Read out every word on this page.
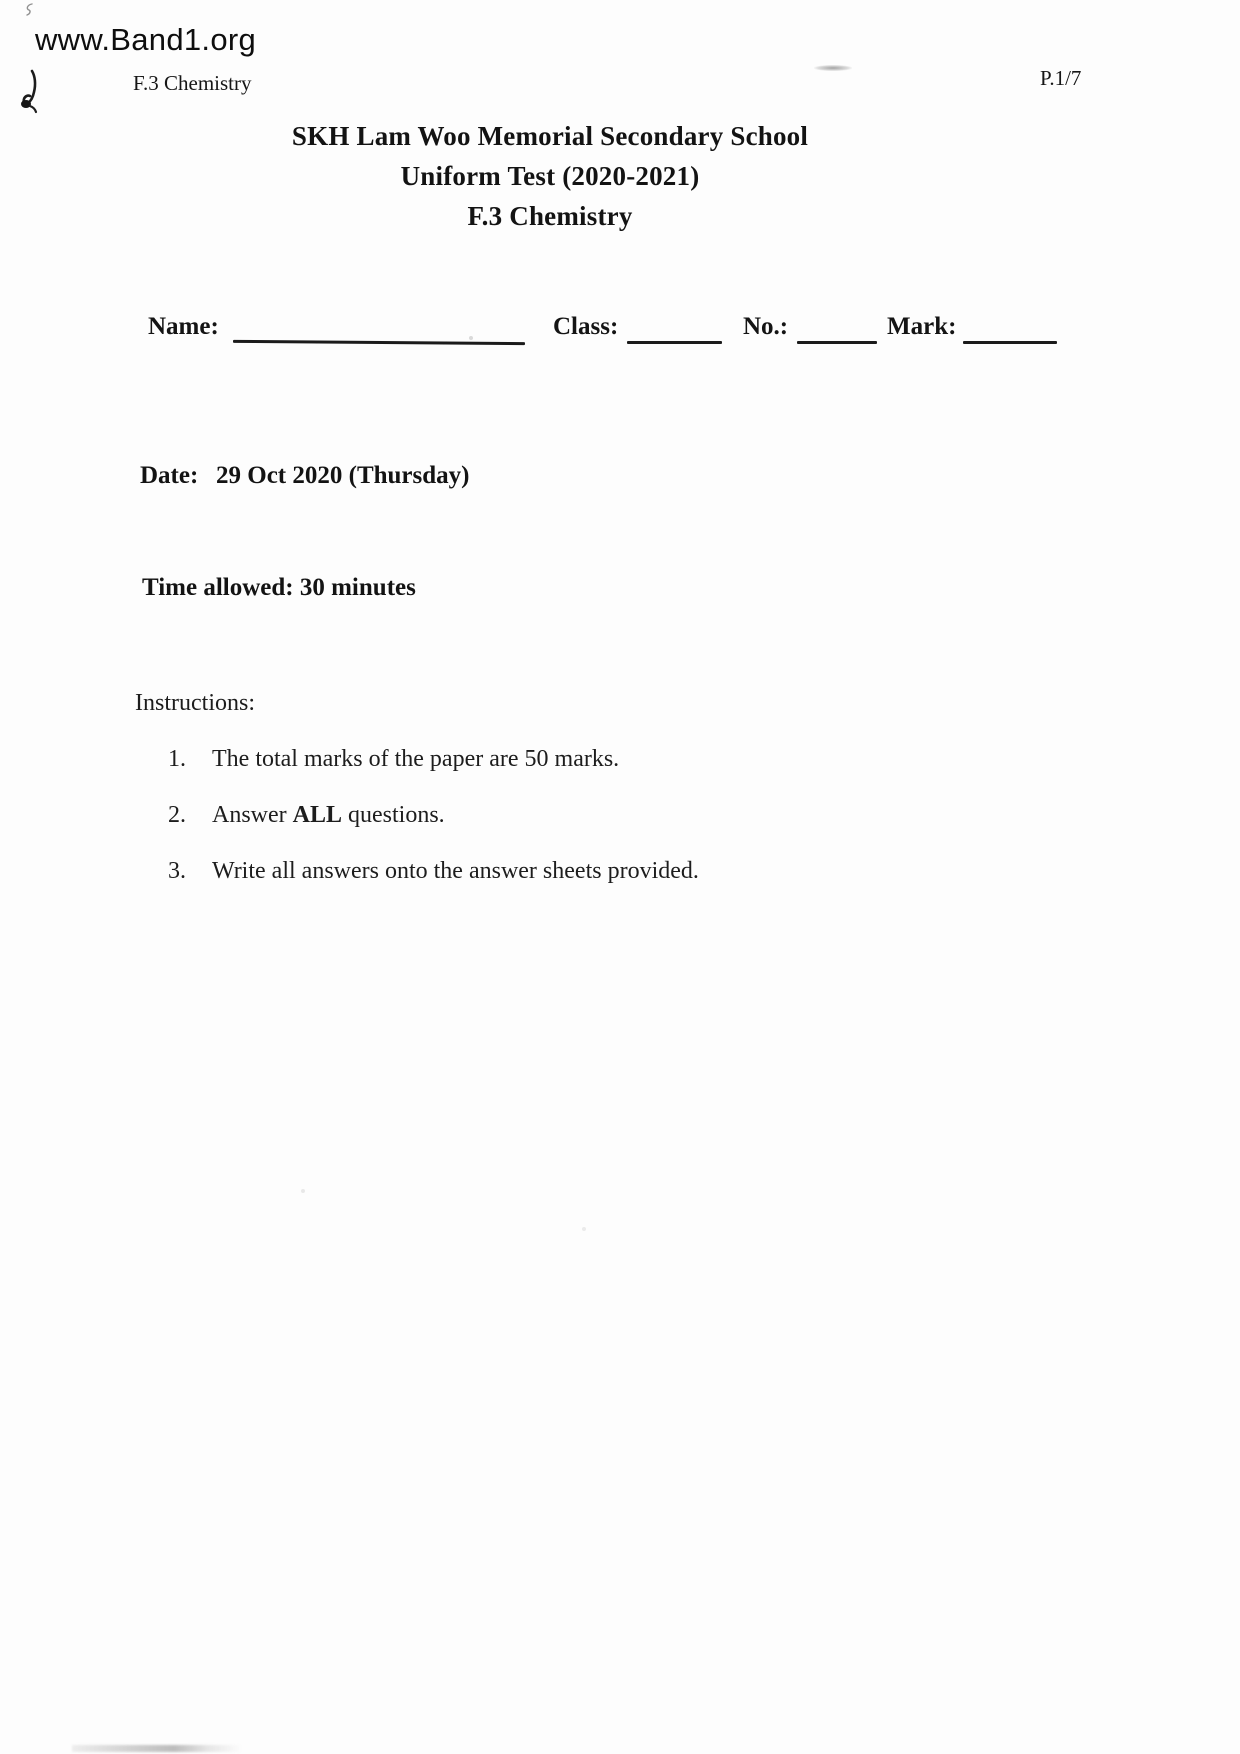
www.Band1.org
F.3 Chemistry	P.1/7
SKH Lam Woo Memorial Secondary School
Uniform Test (2020-2021)
F.3 Chemistry
Name:	Class:	No.:	Mark:
Date: 29 Oct 2020 (Thursday)
Time allowed: 30 minutes
Instructions:
1. The total marks of the paper are 50 marks.
2. Answer ALL questions.
3. Write all answers onto the answer sheets provided.
